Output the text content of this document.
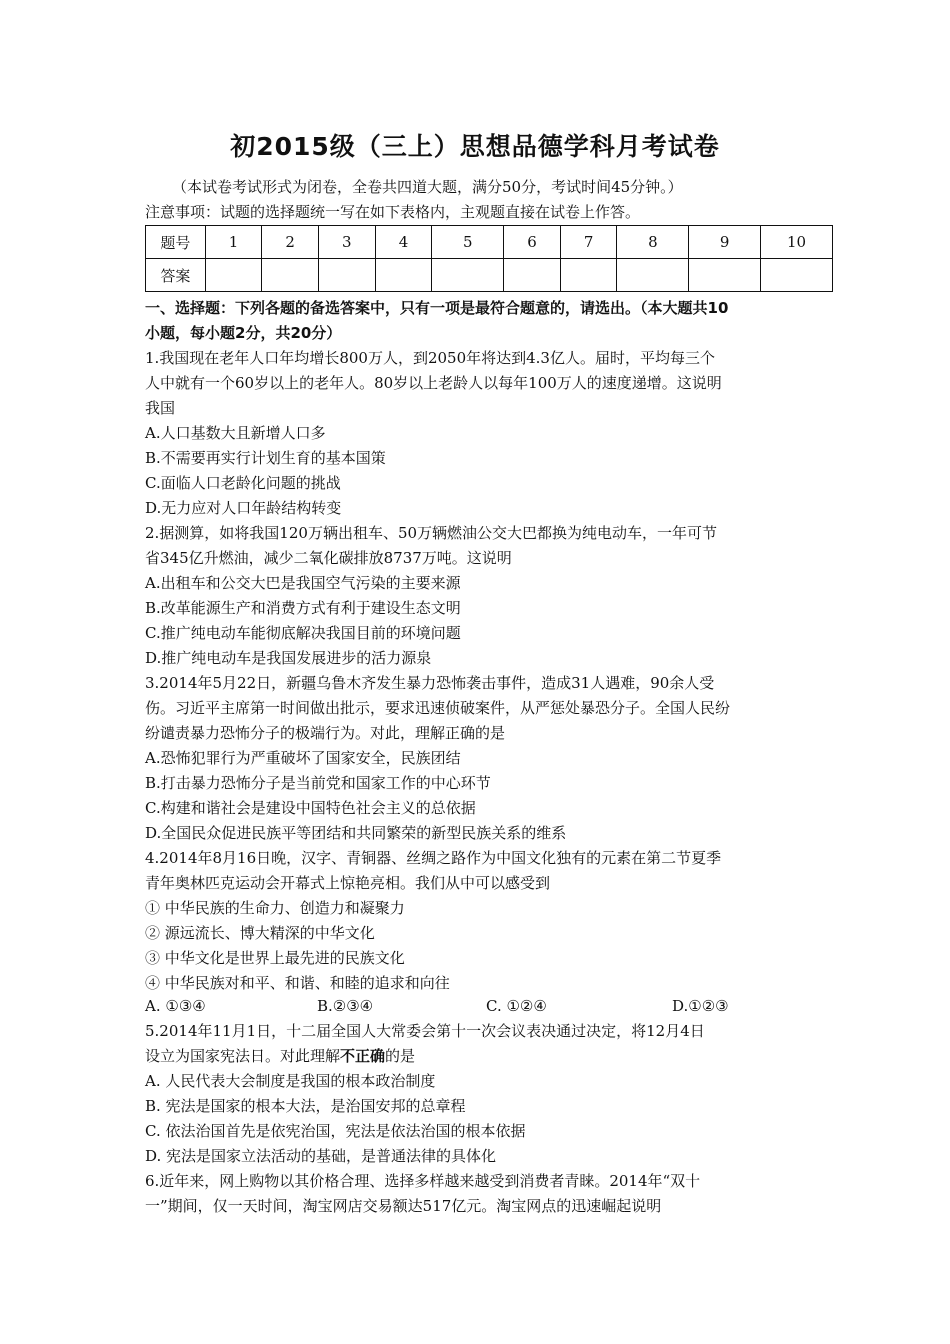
初2015级（三上）思想品德学科月考试卷
（本试卷考试形式为闭卷，全卷共四道大题，满分50分，考试时间45分钟。）
注意事项：试题的选择题统一写在如下表格内，主观题直接在试卷上作答。
题号	1	2	3	4	5	6	7	8	9	10
答案										
一、选择题：下列各题的备选答案中，只有一项是最符合题意的，请选出。（本大题共10
小题，每小题2分，共20分）
1.我国现在老年人口年均增长800万人，到2050年将达到4.3亿人。届时，平均每三个
人中就有一个60岁以上的老年人。80岁以上老龄人以每年100万人的速度递增。这说明
我国
A.人口基数大且新增人口多
B.不需要再实行计划生育的基本国策
C.面临人口老龄化问题的挑战
D.无力应对人口年龄结构转变
2.据测算，如将我国120万辆出租车、50万辆燃油公交大巴都换为纯电动车，一年可节
省345亿升燃油，减少二氧化碳排放8737万吨。这说明
A.出租车和公交大巴是我国空气污染的主要来源
B.改革能源生产和消费方式有利于建设生态文明
C.推广纯电动车能彻底解决我国目前的环境问题
D.推广纯电动车是我国发展进步的活力源泉
3.2014年5月22日，新疆乌鲁木齐发生暴力恐怖袭击事件，造成31人遇难，90余人受
伤。习近平主席第一时间做出批示，要求迅速侦破案件，从严惩处暴恐分子。全国人民纷
纷谴责暴力恐怖分子的极端行为。对此，理解正确的是
A.恐怖犯罪行为严重破坏了国家安全，民族团结
B.打击暴力恐怖分子是当前党和国家工作的中心环节
C.构建和谐社会是建设中国特色社会主义的总依据
D.全国民众促进民族平等团结和共同繁荣的新型民族关系的维系
4.2014年8月16日晚，汉字、青铜器、丝绸之路作为中国文化独有的元素在第二节夏季
青年奥林匹克运动会开幕式上惊艳亮相。我们从中可以感受到
① 中华民族的生命力、创造力和凝聚力
② 源远流长、博大精深的中华文化
③ 中华文化是世界上最先进的民族文化
④ 中华民族对和平、和谐、和睦的追求和向往
A. ①③④	B.②③④	C. ①②④	D.①②③
5.2014年11月1日，十二届全国人大常委会第十一次会议表决通过决定，将12月4日
设立为国家宪法日。对此理解不正确的是
A. 人民代表大会制度是我国的根本政治制度
B. 宪法是国家的根本大法，是治国安邦的总章程
C. 依法治国首先是依宪治国，宪法是依法治国的根本依据
D. 宪法是国家立法活动的基础，是普通法律的具体化
6.近年来，网上购物以其价格合理、选择多样越来越受到消费者青睐。2014年“双十
一”期间，仅一天时间，淘宝网店交易额达517亿元。淘宝网点的迅速崛起说明
